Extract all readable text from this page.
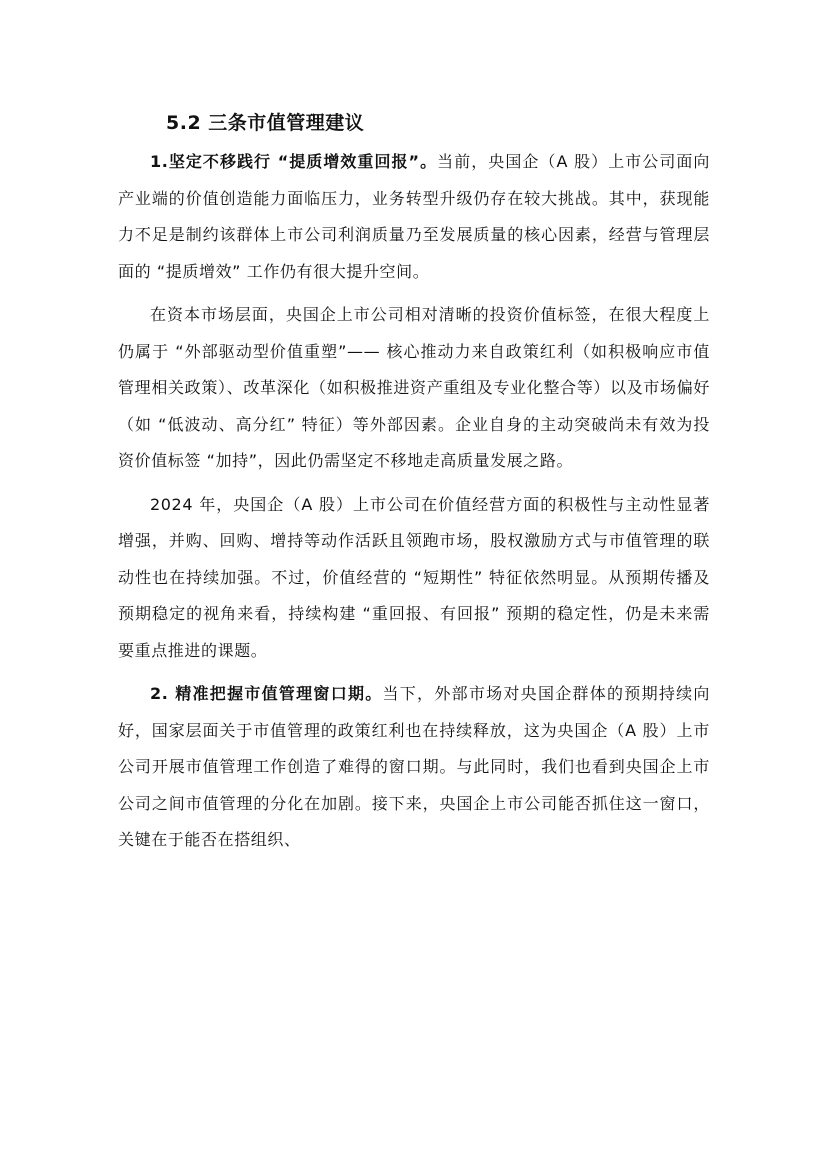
5.2 三条市值管理建议

1.坚定不移践行 “提质增效重回报”。当前，央国企（A 股）上市公司面向产业端的价值创造能力面临压力，业务转型升级仍存在较大挑战。其中，获现能力不足是制约该群体上市公司利润质量乃至发展质量的核心因素，经营与管理层面的 “提质增效” 工作仍有很大提升空间。

在资本市场层面，央国企上市公司相对清晰的投资价值标签，在很大程度上仍属于 “外部驱动型价值重塑”—— 核心推动力来自政策红利（如积极响应市值管理相关政策）、改革深化（如积极推进资产重组及专业化整合等）以及市场偏好（如 “低波动、高分红” 特征）等外部因素。企业自身的主动突破尚未有效为投资价值标签 “加持”，因此仍需坚定不移地走高质量发展之路。

2024 年，央国企（A 股）上市公司在价值经营方面的积极性与主动性显著增强，并购、回购、增持等动作活跃且领跑市场，股权激励方式与市值管理的联动性也在持续加强。不过，价值经营的 “短期性” 特征依然明显。从预期传播及预期稳定的视角来看，持续构建 “重回报、有回报” 预期的稳定性，仍是未来需要重点推进的课题。

2. 精准把握市值管理窗口期。当下，外部市场对央国企群体的预期持续向好，国家层面关于市值管理的政策红利也在持续释放，这为央国企（A 股）上市公司开展市值管理工作创造了难得的窗口期。与此同时，我们也看到央国企上市公司之间市值管理的分化在加剧。接下来，央国企上市公司能否抓住这一窗口，关键在于能否在搭组织、
